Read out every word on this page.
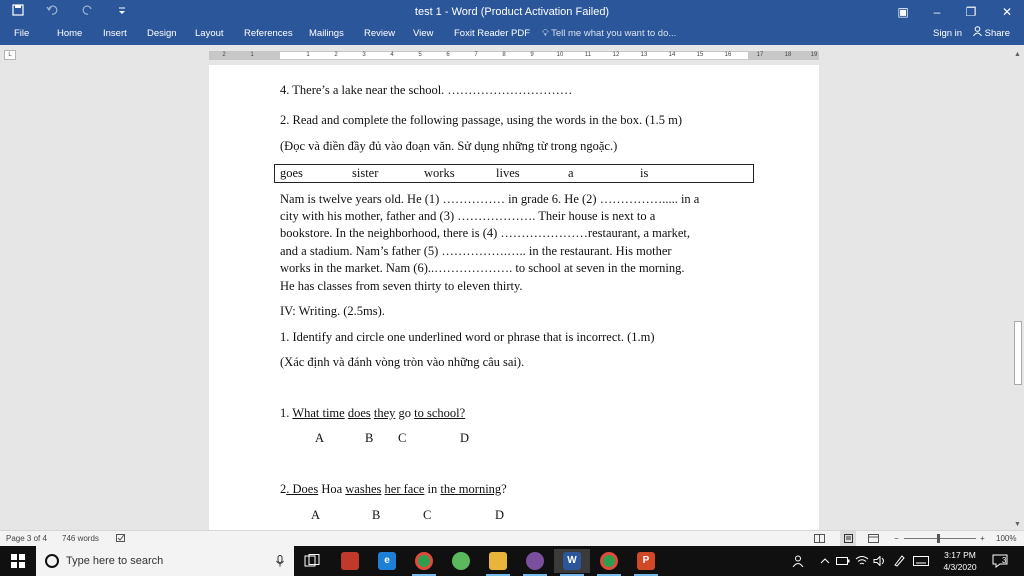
test 1 - Word (Product Activation Failed)	▣	–	❐	✕
File	Home Insert Design Layout References Mailings Review View Foxit Reader PDF 💡︎ Tell me what you want to do...	Sign in	Share
L	2	1	1	2	3	4	5	6	7	8	9	10	11	12	13	14	15	16	17	18	19
4. There’s a lake near the school. …………………………
2. Read and complete the following passage, using the words in the box. (1.5 m)
(Đọc và điền đầy đủ vào đoạn văn. Sử dụng những từ trong ngoặc.)
goes	sister	works	lives	a	is
Nam is twelve years old. He (1) …………… in grade 6. He (2) ……………..... in a
city with his mother, father and (3) ………………. Their house is next to a
bookstore. In the neighborhood, there is (4) …………………restaurant, a market,
and a stadium. Nam’s father (5) …………….….. in the restaurant. His mother
works in the market. Nam (6)..………………. to school at seven in the morning.
He has classes from seven thirty to eleven thirty.
IV: Writing. (2.5ms).
1. Identify and circle one underlined word or phrase that is incorrect. (1.m)
(Xác định và đánh vòng tròn vào những câu sai).
1. What time does they go to school?
A	B C	D
2. Does Hoa washes her face in the morning?
A	B	C	D
▲
▼
Page 3 of 4 746 words	−	+ 100%
Type here to search	e	W	P	3:17 PM
4/3/2020
3
